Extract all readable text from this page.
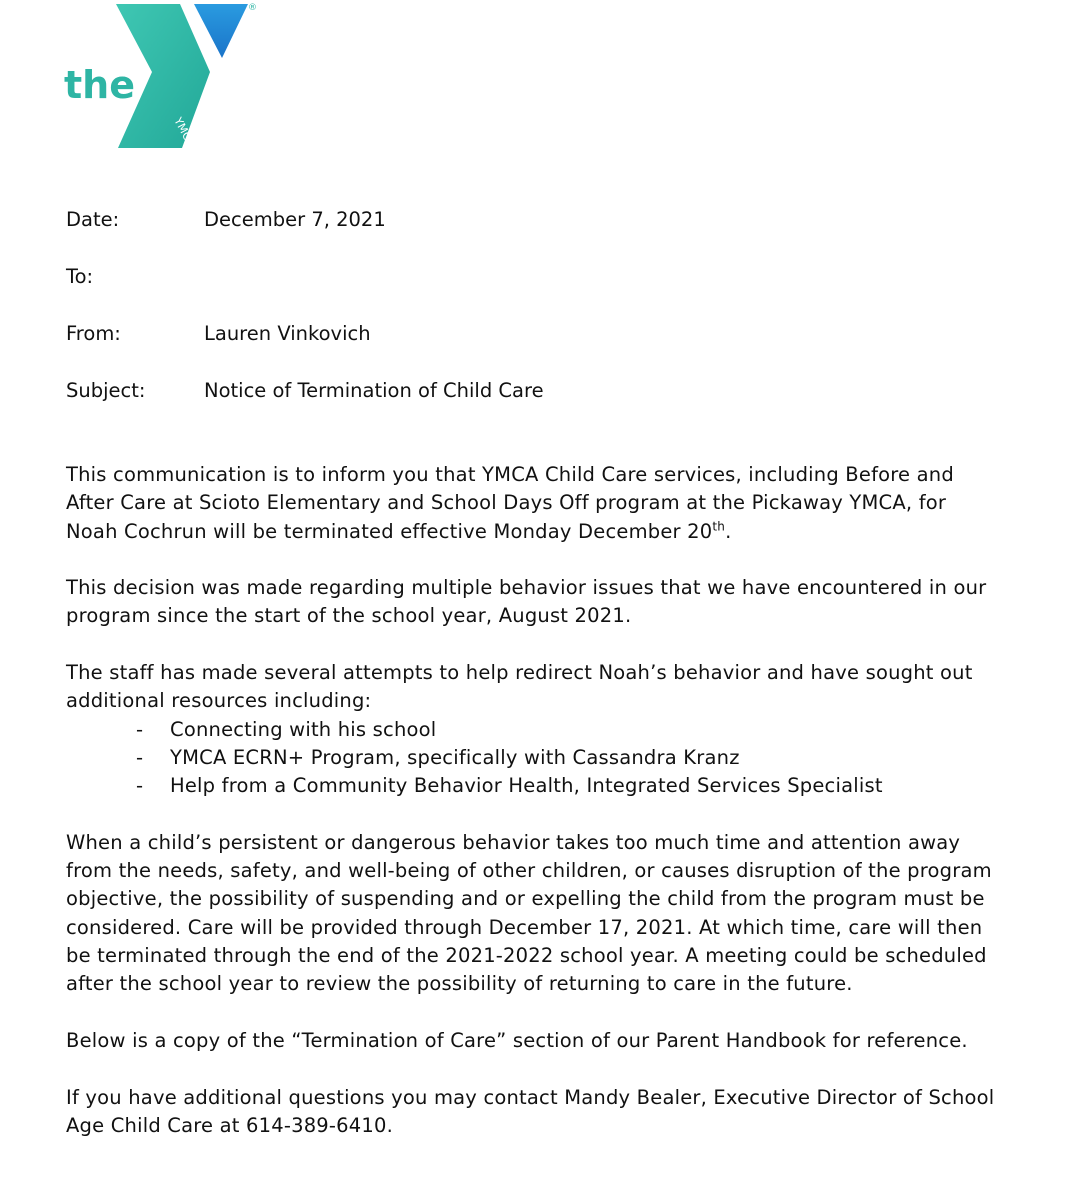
the
YMCA
®
Date:	December 7, 2021
To:
From:	Lauren Vinkovich
Subject:	Notice of Termination of Child Care

This communication is to inform you that YMCA Child Care services, including Before and After Care at Scioto Elementary and School Days Off program at the Pickaway YMCA, for Noah Cochrun will be terminated effective Monday December 20th.

This decision was made regarding multiple behavior issues that we have encountered in our program since the start of the school year, August 2021.

The staff has made several attempts to help redirect Noah’s behavior and have sought out additional resources including:
-	Connecting with his school
-	YMCA ECRN+ Program, specifically with Cassandra Kranz
-	Help from a Community Behavior Health, Integrated Services Specialist

When a child’s persistent or dangerous behavior takes too much time and attention away from the needs, safety, and well-being of other children, or causes disruption of the program objective, the possibility of suspending and or expelling the child from the program must be considered. Care will be provided through December 17, 2021. At which time, care will then be terminated through the end of the 2021-2022 school year. A meeting could be scheduled after the school year to review the possibility of returning to care in the future.

Below is a copy of the “Termination of Care” section of our Parent Handbook for reference.

If you have additional questions you may contact Mandy Bealer, Executive Director of School Age Child Care at 614-389-6410.
